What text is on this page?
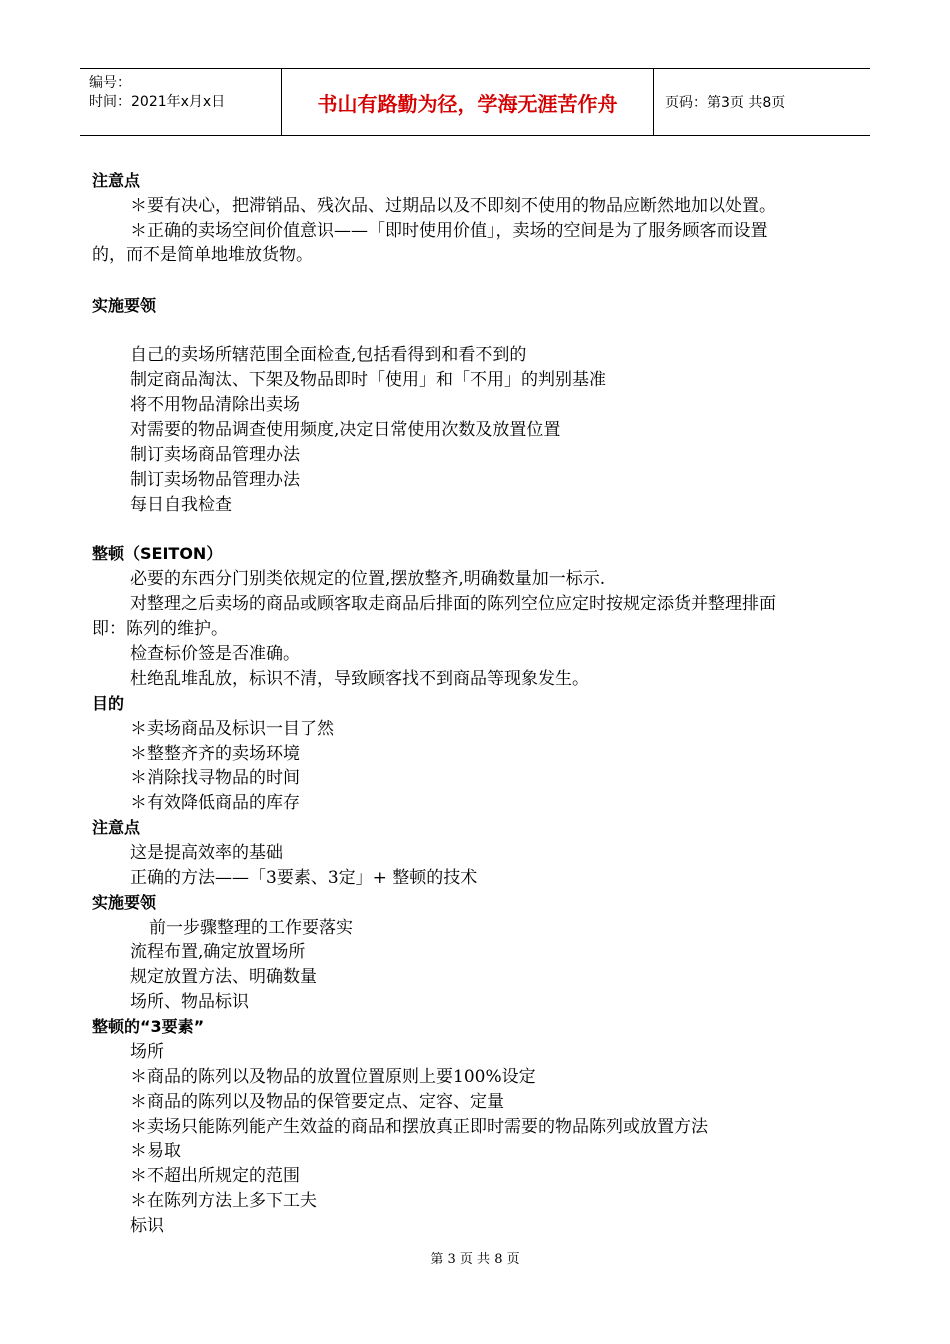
编号：
时间：2021年x月x日	书山有路勤为径，学海无涯苦作舟	页码：第3页 共8页
注意点
＊要有决心，把滞销品、残次品、过期品以及不即刻不使用的物品应断然地加以处置。
＊正确的卖场空间价值意识——「即时使用价值」，卖场的空间是为了服务顾客而设置
的，而不是简单地堆放货物。
实施要领
自己的卖场所辖范围全面检查,包括看得到和看不到的
制定商品淘汰、下架及物品即时「使用」和「不用」的判别基准
将不用物品清除出卖场
对需要的物品调查使用频度,决定日常使用次数及放置位置
制订卖场商品管理办法
制订卖场物品管理办法
每日自我检查
整顿（SEITON）
必要的东西分门别类依规定的位置,摆放整齐,明确数量加一标示.
对整理之后卖场的商品或顾客取走商品后排面的陈列空位应定时按规定添货并整理排面
即：陈列的维护。
检查标价签是否准确。
杜绝乱堆乱放，标识不清，导致顾客找不到商品等现象发生。
目的
＊卖场商品及标识一目了然
＊整整齐齐的卖场环境
＊消除找寻物品的时间
＊有效降低商品的库存
注意点
这是提高效率的基础
正确的方法——「3要素、3定」+ 整顿的技术
实施要领
前一步骤整理的工作要落实
流程布置,确定放置场所
规定放置方法、明确数量
场所、物品标识
整顿的“3要素”
场所
＊商品的陈列以及物品的放置位置原则上要100%设定
＊商品的陈列以及物品的保管要定点、定容、定量
＊卖场只能陈列能产生效益的商品和摆放真正即时需要的物品陈列或放置方法
＊易取
＊不超出所规定的范围
＊在陈列方法上多下工夫
标识
第 3 页 共 8 页
